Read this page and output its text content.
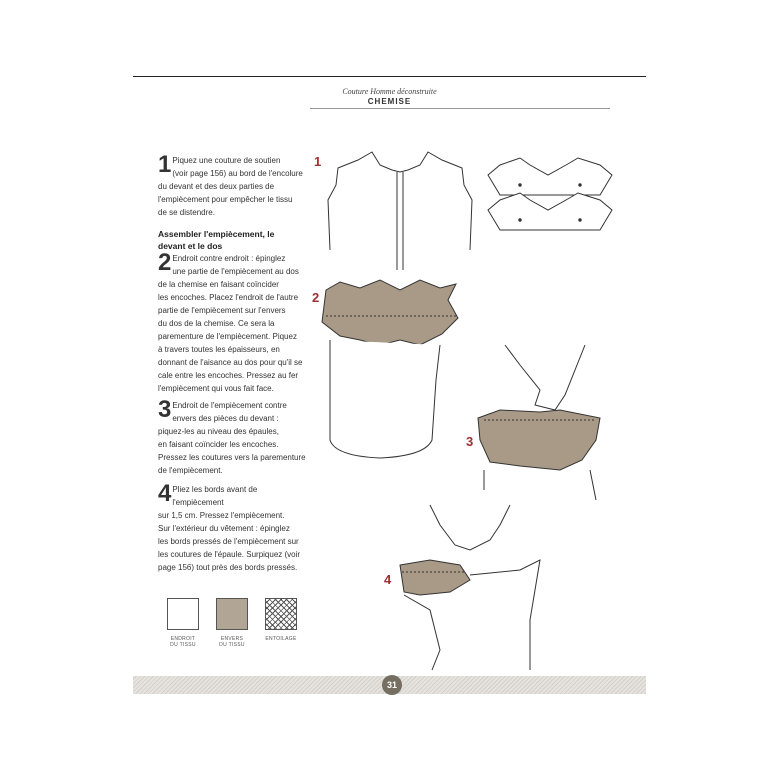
Couture Homme déconstruite
CHEMISE
1 Piquez une couture de soutien

(voir page 156) au bord de l'encolure

du devant et des deux parties de

l'empiècement pour empêcher le tissu

de se distendre.

Assembler l'empiècement, le devant et le dos
2 Endroit contre endroit : épinglez

une partie de l'empiècement au dos

de la chemise en faisant coïncider

les encoches. Placez l'endroit de l'autre

partie de l'empiècement sur l'envers

du dos de la chemise. Ce sera la

parementure de l'empiècement. Piquez

à travers toutes les épaisseurs, en

donnant de l'aisance au dos pour qu'il se

cale entre les encoches. Pressez au fer

l'empiècement qui vous fait face.

3 Endroit de l'empiècement contre

envers des pièces du devant :

piquez-les au niveau des épaules,

en faisant coïncider les encoches.

Pressez les coutures vers la parementure

de l'empiècement.

4 Pliez les bords avant de l'empiècement

sur 1,5 cm. Pressez l'empiècement.

Sur l'extérieur du vêtement : épinglez

les bords pressés de l'empiècement sur

les coutures de l'épaule. Surpiquez (voir

page 156) tout près des bords pressés.

ENDROIT
DU TISSU
ENVERS
DU TISSU
ENTOILAGE
1
2
3
4
31
